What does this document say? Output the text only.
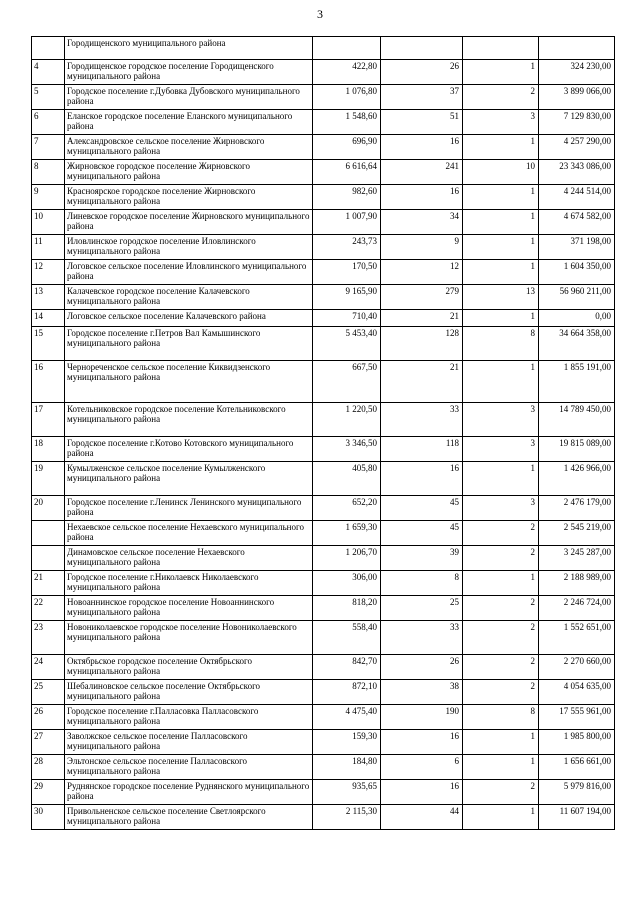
3
	Городищенского муниципального района				
4	Городищенское городское поселение Городищенского муниципального района	422,80	26	1	324 230,00
5	Городское поселение г.Дубовка Дубовского муниципального района	1 076,80	37	2	3 899 066,00
6	Еланское городское поселение Еланского муниципального района	1 548,60	51	3	7 129 830,00
7	Александровское сельское поселение Жирновского муниципального района	696,90	16	1	4 257 290,00
8	Жирновское городское поселение Жирновского муниципального района	6 616,64	241	10	23 343 086,00
9	Красноярское городское поселение Жирновского муниципального района	982,60	16	1	4 244 514,00
10	Линевское городское поселение Жирновского муниципального района	1 007,90	34	1	4 674 582,00
11	Иловлинское городское поселение Иловлинского муниципального района	243,73	9	1	371 198,00
12	Логовское сельское поселение Иловлинского муниципального района	170,50	12	1	1 604 350,00
13	Калачевское городское поселение Калачевского муниципального района	9 165,90	279	13	56 960 211,00
14	Логовское сельское поселение Калачевского района	710,40	21	1	0,00
15	Городское поселение г.Петров Вал Камышинского муниципального района	5 453,40	128	8	34 664 358,00
16	Чернореченское сельское поселение Киквидзенского муниципального района	667,50	21	1	1 855 191,00
17	Котельниковское городское поселение Котельниковского муниципального района	1 220,50	33	3	14 789 450,00
18	Городское поселение г.Котово Котовского муниципального района	3 346,50	118	3	19 815 089,00
19	Кумылженское сельское поселение Кумылженского муниципального района	405,80	16	1	1 426 966,00
20	Городское поселение г.Ленинск Ленинского муниципального района	652,20	45	3	2 476 179,00
	Нехаевское сельское поселение Нехаевского муниципального района	1 659,30	45	2	2 545 219,00
	Динамовское сельское поселение Нехаевского муниципального района	1 206,70	39	2	3 245 287,00
21	Городское поселение г.Николаевск Николаевского муниципального района	306,00	8	1	2 188 989,00
22	Новоаннинское городское поселение Новоаннинского муниципального района	818,20	25	2	2 246 724,00
23	Новониколаевское городское поселение Новониколаевского муниципального района	558,40	33	2	1 552 651,00
24	Октябрьское городское поселение Октябрьского муниципального района	842,70	26	2	2 270 660,00
25	Шебалиновское сельское поселение Октябрьского муниципального района	872,10	38	2	4 054 635,00
26	Городское поселение г.Палласовка Палласовского муниципального района	4 475,40	190	8	17 555 961,00
27	Заволжское сельское поселение Палласовского муниципального района	159,30	16	1	1 985 800,00
28	Эльтонское сельское поселение Палласовского муниципального района	184,80	6	1	1 656 661,00
29	Руднянское городское поселение Руднянского муниципального района	935,65	16	2	5 979 816,00
30	Привольненское сельское поселение Светлоярского муниципального района	2 115,30	44	1	11 607 194,00
